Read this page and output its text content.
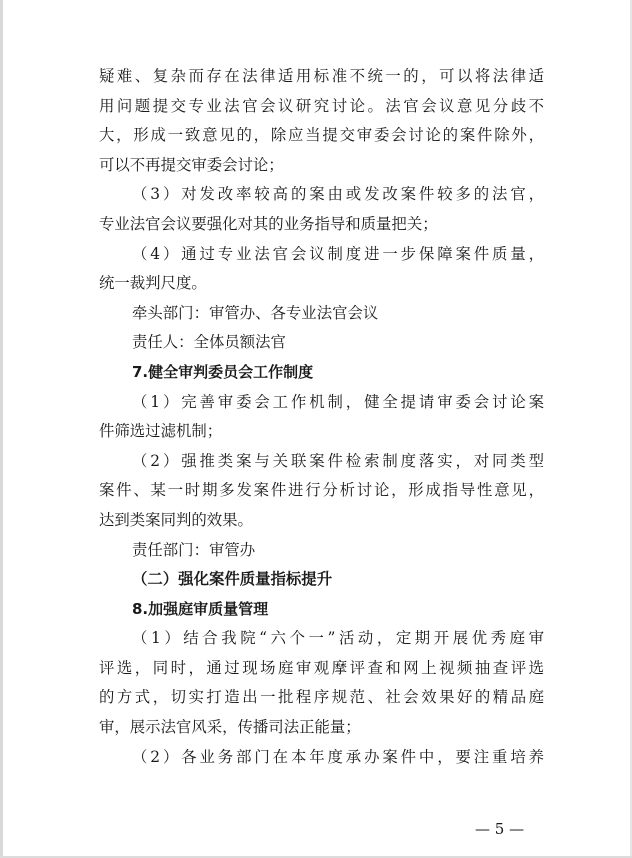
疑难、复杂而存在法律适用标准不统一的，可以将法律适
用问题提交专业法官会议研究讨论。法官会议意见分歧不
大，形成一致意见的，除应当提交审委会讨论的案件除外，
可以不再提交审委会讨论；
（3）对发改率较高的案由或发改案件较多的法官，
专业法官会议要强化对其的业务指导和质量把关；
（4）通过专业法官会议制度进一步保障案件质量，
统一裁判尺度。
牵头部门：审管办、各专业法官会议
责任人：全体员额法官
7.健全审判委员会工作制度
（1）完善审委会工作机制，健全提请审委会讨论案
件筛选过滤机制；
（2）强推类案与关联案件检索制度落实，对同类型
案件、某一时期多发案件进行分析讨论，形成指导性意见，
达到类案同判的效果。
责任部门：审管办
（二）强化案件质量指标提升
8.加强庭审质量管理
（1）结合我院“六个一”活动，定期开展优秀庭审
评选，同时，通过现场庭审观摩评查和网上视频抽查评选
的方式，切实打造出一批程序规范、社会效果好的精品庭
审，展示法官风采，传播司法正能量；
（2）各业务部门在本年度承办案件中，要注重培养
— 5 —
